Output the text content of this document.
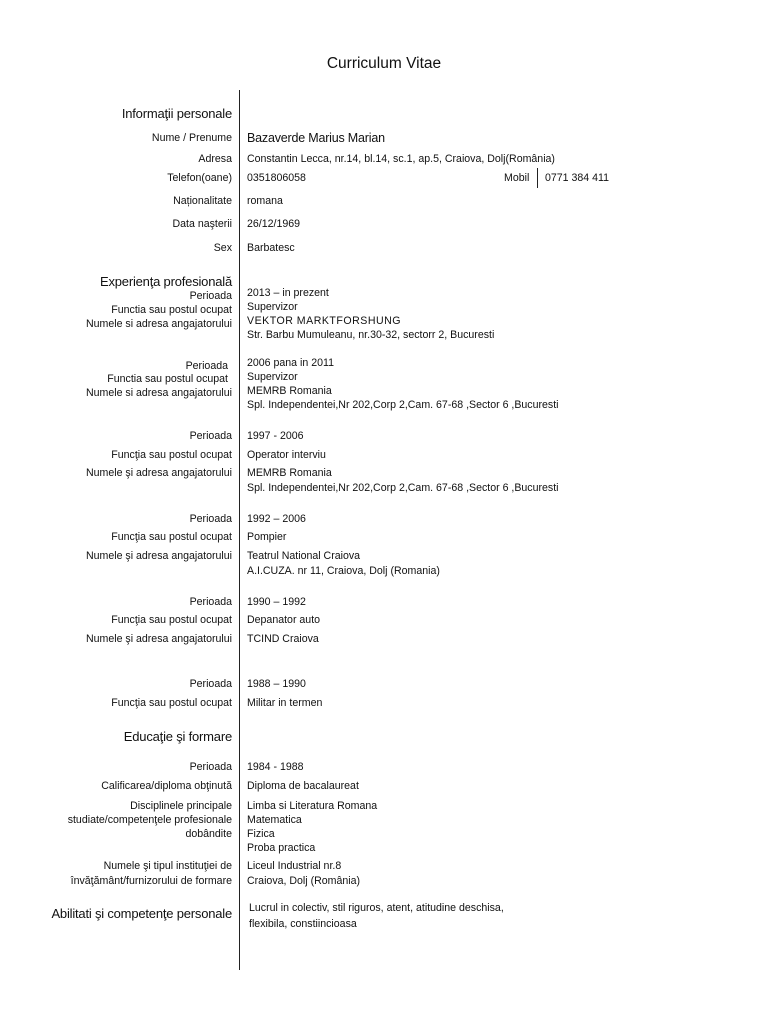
Curriculum Vitae
Informaţii personale
Nume / Prenume Bazaverde Marius Marian
Adresa Constantin Lecca, nr.14, bl.14, sc.1, ap.5, Craiova, Dolj(România)
Telefon(oane) 0351806058	Mobil 0771 384 411
Naționalitate romana
Data naşterii 26/12/1969
Sex Barbatesc
Experienţa profesională
Perioada 2013 – in prezent
Functia sau postul ocupat Supervizor
Numele si adresa angajatorului VEKTOR MARKTFORSHUNG
Str. Barbu Mumuleanu, nr.30-32, sectorr 2, Bucuresti
Perioada 2006 pana in 2011
Functia sau postul ocupat Supervizor
Numele si adresa angajatorului MEMRB Romania
Spl. Independentei,Nr 202,Corp 2,Cam. 67-68 ,Sector 6 ,Bucuresti
Perioada 1997 - 2006
Funcţia sau postul ocupat Operator interviu
Numele şi adresa angajatorului MEMRB Romania
Spl. Independentei,Nr 202,Corp 2,Cam. 67-68 ,Sector 6 ,Bucuresti
Perioada 1992 – 2006
Funcţia sau postul ocupat Pompier
Numele şi adresa angajatorului Teatrul National Craiova
A.I.CUZA. nr 11, Craiova, Dolj (Romania)
Perioada 1990 – 1992
Funcţia sau postul ocupat Depanator auto
Numele şi adresa angajatorului TCIND Craiova
Perioada 1988 – 1990
Funcţia sau postul ocupat Militar in termen
Educaţie şi formare
Perioada 1984 - 1988
Calificarea/diploma obţinută Diploma de bacalaureat
Disciplinele principale
studiate/competenţele profesionale
dobândite
Limba si Literatura Romana
Matematica
Fizica
Proba practica
Numele şi tipul instituţiei de
învăţământ/furnizorului de formare
Liceul Industrial nr.8
Craiova, Dolj (România)
Abilitati şi competenţe personale Lucrul in colectiv, stil riguros, atent, atitudine deschisa,
flexibila, constiincioasa
